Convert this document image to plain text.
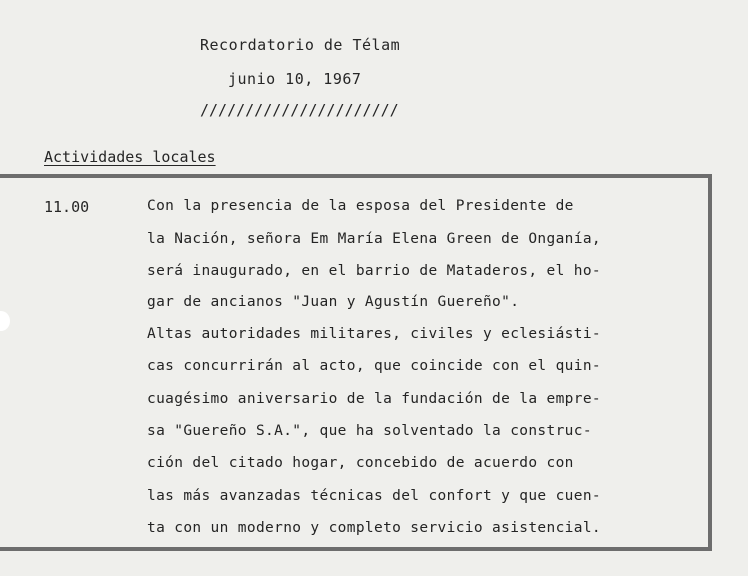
Recordatorio de Télam
junio 10, 1967
//////////////////////
Actividades locales
11.00	Con la presencia de la esposa del Presidente de
la Nación, señora Em María Elena Green de Onganía,
será inaugurado, en el barrio de Mataderos, el ho-
gar de ancianos "Juan y Agustín Guereño".
Altas autoridades militares, civiles y eclesiásti-
cas concurrirán al acto, que coincide con el quin-
cuagésimo aniversario de la fundación de la empre-
sa "Guereño S.A.", que ha solventado la construc-
ción del citado hogar, concebido de acuerdo con
las más avanzadas técnicas del confort y que cuen-
ta con un moderno y completo servicio asistencial.
